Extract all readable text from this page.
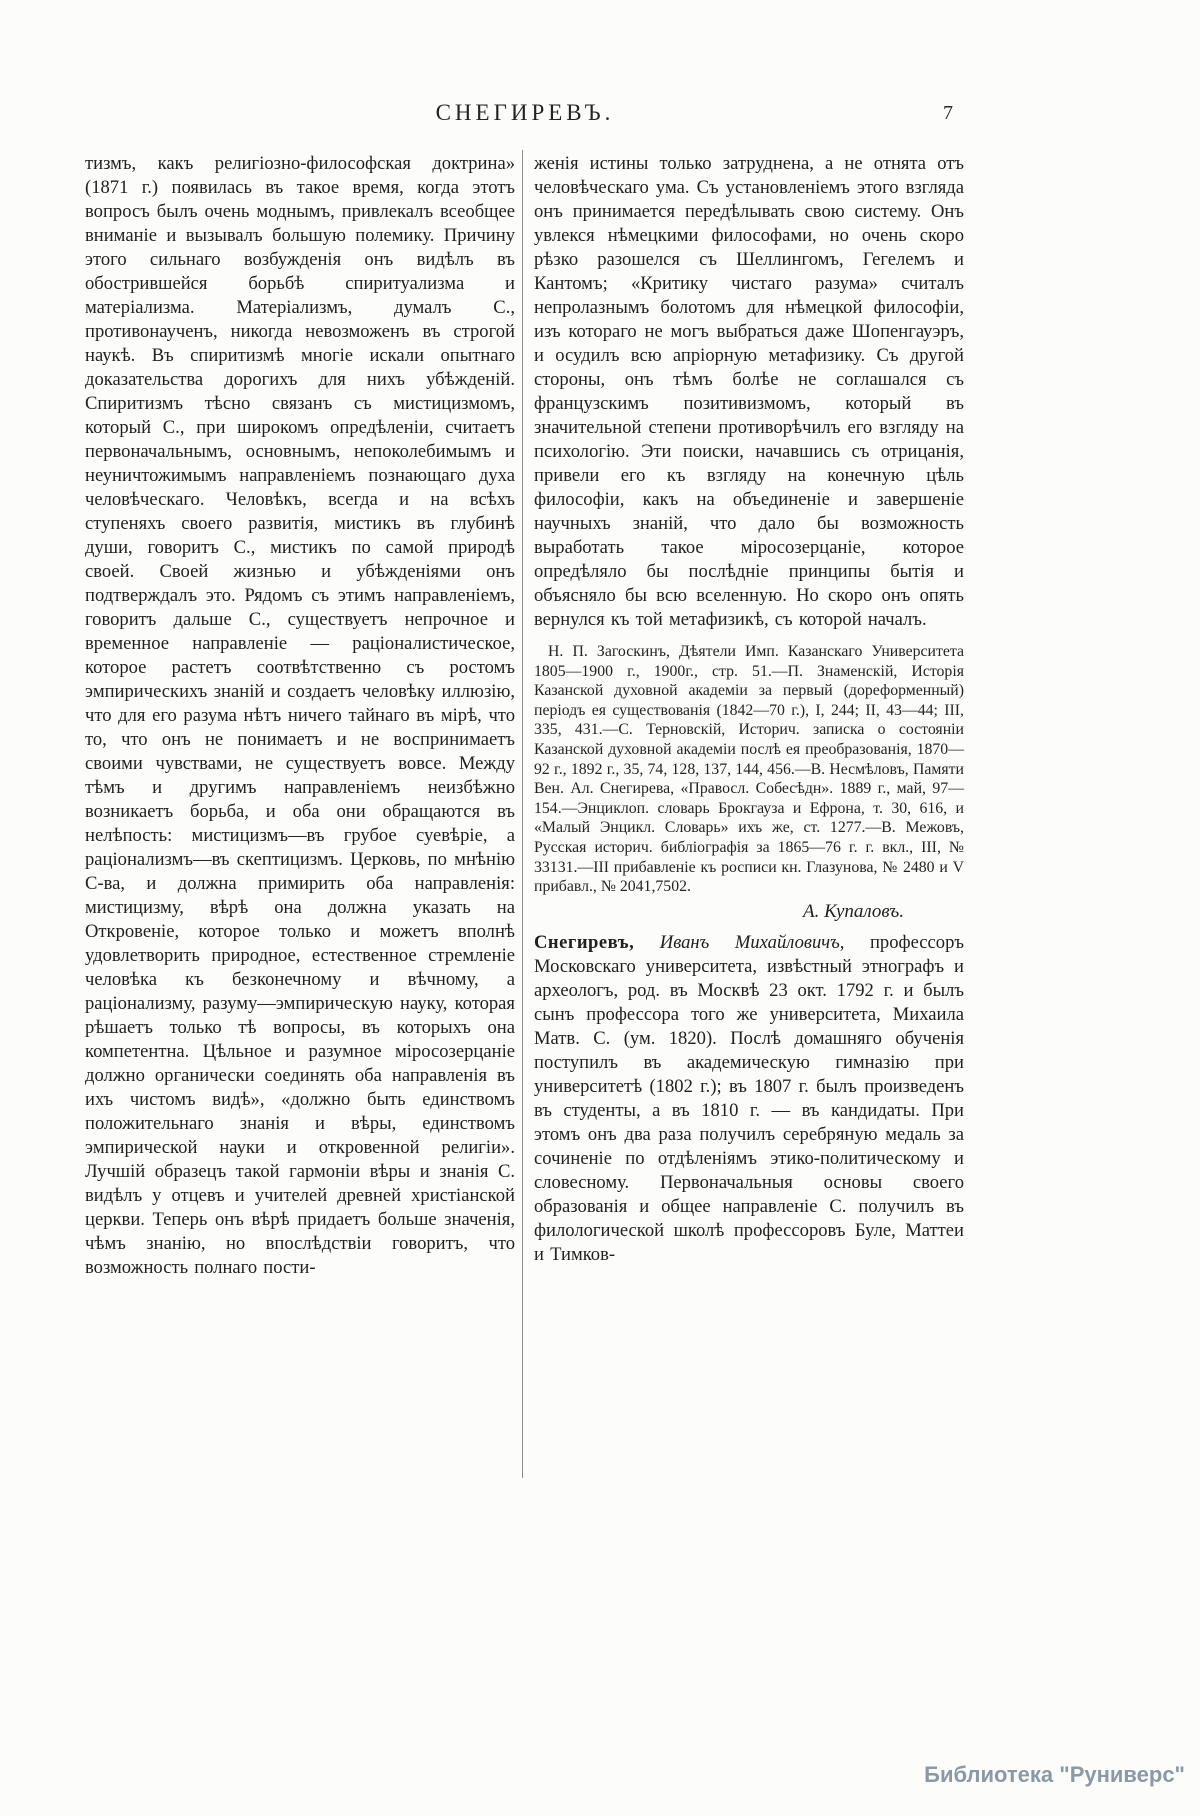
СНЕГИРЕВЪ.	7

тизмъ, какъ религіозно-философская доктрина» (1871 г.) появилась въ такое время, когда этотъ вопросъ былъ очень моднымъ, привлекалъ всеобщее вниманіе и вызывалъ большую полемику. Причину этого сильнаго возбужденія онъ видѣлъ въ обострившейся борьбѣ спиритуализма и матеріализма. Матеріализмъ, думалъ С., противонаученъ, никогда невозможенъ въ строгой наукѣ. Въ спиритизмѣ многіе искали опытнаго доказательства дорогихъ для нихъ убѣжденій. Спиритизмъ тѣсно связанъ съ мистицизмомъ, который С., при широкомъ опредѣленіи, считаетъ первоначальнымъ, основнымъ, непоколебимымъ и неуничтожимымъ направленіемъ познающаго духа человѣческаго. Человѣкъ, всегда и на всѣхъ ступеняхъ своего развитія, мистикъ въ глубинѣ души, говоритъ С., мистикъ по самой природѣ своей. Своей жизнью и убѣжденіями онъ подтверждалъ это. Рядомъ съ этимъ направленіемъ, говоритъ дальше С., существуетъ непрочное и временное направленіе — раціоналистическое, которое растетъ соотвѣтственно съ ростомъ эмпирическихъ знаній и создаетъ человѣку иллюзію, что для его разума нѣтъ ничего тайнаго въ мірѣ, что то, что онъ не понимаетъ и не воспринимаетъ своими чувствами, не существуетъ вовсе. Между тѣмъ и другимъ направленіемъ неизбѣжно возникаетъ борьба, и оба они обращаются въ нелѣпость: мистицизмъ—въ грубое суевѣріе, а раціонализмъ—въ скептицизмъ. Церковь, по мнѣнію С-ва, и должна примирить оба направленія: мистицизму, вѣрѣ она должна указать на Откровеніе, которое только и можетъ вполнѣ удовлетворить природное, естественное стремленіе человѣка къ безконечному и вѣчному, а раціонализму, разуму—эмпирическую науку, которая рѣшаетъ только тѣ вопросы, въ которыхъ она компетентна. Цѣльное и разумное міросозерцаніе должно органически соединять оба направленія въ ихъ чистомъ видѣ», «должно быть единствомъ положительнаго знанія и вѣры, единствомъ эмпирической науки и откровенной религіи». Лучшій образецъ такой гармоніи вѣры и знанія С. видѣлъ у отцевъ и учителей древней христіанской церкви. Теперь онъ вѣрѣ придаетъ больше значенія, чѣмъ знанію, но впослѣдствіи говоритъ, что возможность полнаго пости-

женія истины только затруднена, а не отнята отъ человѣческаго ума. Съ установленіемъ этого взгляда онъ принимается передѣлывать свою систему. Онъ увлекся нѣмецкими философами, но очень скоро рѣзко разошелся съ Шеллингомъ, Гегелемъ и Кантомъ; «Критику чистаго разума» считалъ непролазнымъ болотомъ для нѣмецкой философіи, изъ котораго не могъ выбраться даже Шопенгауэръ, и осудилъ всю апріорную метафизику. Съ другой стороны, онъ тѣмъ болѣе не соглашался съ французскимъ позитивизмомъ, который въ значительной степени противорѣчилъ его взгляду на психологію. Эти поиски, начавшись съ отрицанія, привели его къ взгляду на конечную цѣль философіи, какъ на объединеніе и завершеніе научныхъ знаній, что дало бы возможность выработать такое міросозерцаніе, которое опредѣляло бы послѣдніе принципы бытія и объясняло бы всю вселенную. Но скоро онъ опять вернулся къ той метафизикѣ, съ которой началъ.

Н. П. Загоскинъ, Дѣятели Имп. Казанскаго Университета 1805—1900 г., 1900г., стр. 51.—П. Знаменскій, Исторія Казанской духовной академіи за первый (дореформенный) періодъ ея существованія (1842—70 г.), I, 244; II, 43—44; III, 335, 431.—С. Терновскій, Историч. записка о состояніи Казанской духовной академіи послѣ ея преобразованія, 1870—92 г., 1892 г., 35, 74, 128, 137, 144, 456.—В. Несмѣловъ, Памяти Вен. Ал. Снегирева, «Правосл. Собесѣдн». 1889 г., май, 97—154.—Энциклоп. словарь Брокгауза и Ефрона, т. 30, 616, и «Малый Энцикл. Словарь» ихъ же, ст. 1277.—В. Межовъ, Русская историч. библіографія за 1865—76 г. г. вкл., III, № 33131.—III прибавленіе къ росписи кн. Глазунова, № 2480 и V прибавл., № 2041,7502.

А. Купаловъ.

Снегиревъ, Иванъ Михайловичъ, профессоръ Московскаго университета, извѣстный этнографъ и археологъ, род. въ Москвѣ 23 окт. 1792 г. и былъ сынъ профессора того же университета, Михаила Матв. С. (ум. 1820). Послѣ домашняго обученія поступилъ въ академическую гимназію при университетѣ (1802 г.); въ 1807 г. былъ произведенъ въ студенты, а въ 1810 г. — въ кандидаты. При этомъ онъ два раза получилъ серебряную медаль за сочиненіе по отдѣленіямъ этико-политическому и словесному. Первоначальныя основы своего образованія и общее направленіе С. получилъ въ филологической школѣ профессоровъ Буле, Маттеи и Тимков-

Библиотека "Руниверс"
